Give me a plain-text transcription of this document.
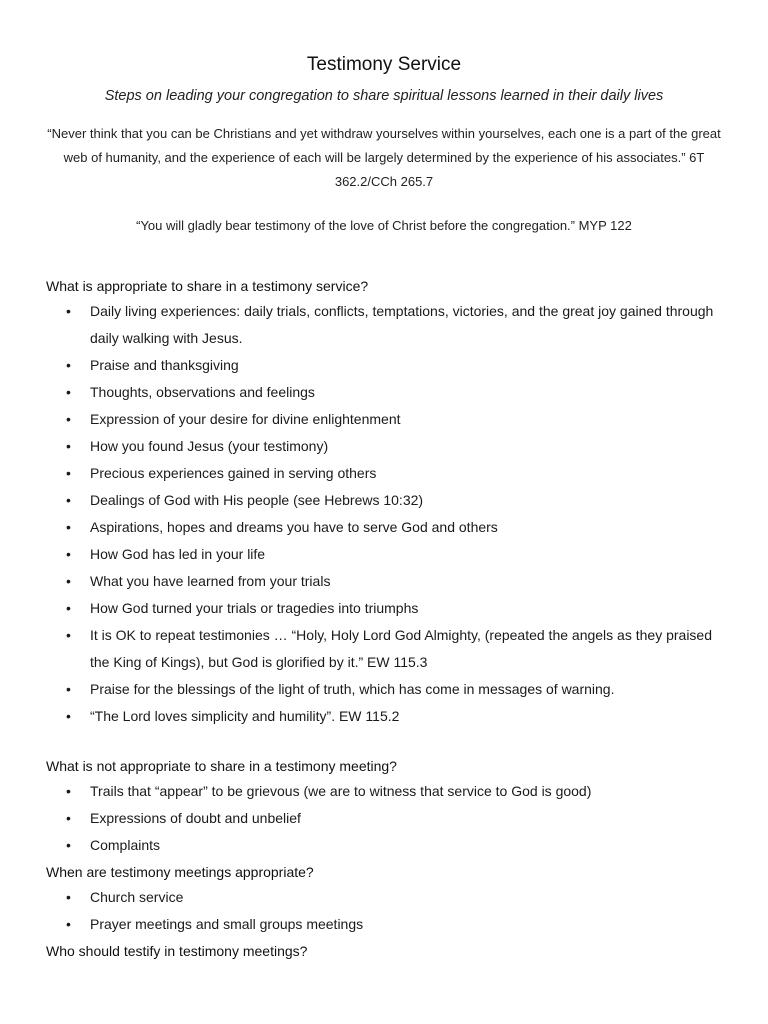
Testimony Service

Steps on leading your congregation to share spiritual lessons learned in their daily lives

“Never think that you can be Christians and yet withdraw yourselves within yourselves, each one is a part of the great web of humanity, and the experience of each will be largely determined by the experience of his associates.” 6T 362.2/CCh 265.7

“You will gladly bear testimony of the love of Christ before the congregation.” MYP 122

What is appropriate to share in a testimony service?
• Daily living experiences: daily trials, conflicts, temptations, victories, and the great joy gained through daily walking with Jesus.
• Praise and thanksgiving
• Thoughts, observations and feelings
• Expression of your desire for divine enlightenment
• How you found Jesus (your testimony)
• Precious experiences gained in serving others
• Dealings of God with His people (see Hebrews 10:32)
• Aspirations, hopes and dreams you have to serve God and others
• How God has led in your life
• What you have learned from your trials
• How God turned your trials or tragedies into triumphs
• It is OK to repeat testimonies … “Holy, Holy Lord God Almighty, (repeated the angels as they praised the King of Kings), but God is glorified by it.” EW 115.3
• Praise for the blessings of the light of truth, which has come in messages of warning.
• “The Lord loves simplicity and humility”. EW 115.2
What is not appropriate to share in a testimony meeting?
• Trails that “appear” to be grievous (we are to witness that service to God is good)
• Expressions of doubt and unbelief
• Complaints
When are testimony meetings appropriate?
• Church service
• Prayer meetings and small groups meetings
Who should testify in testimony meetings?
